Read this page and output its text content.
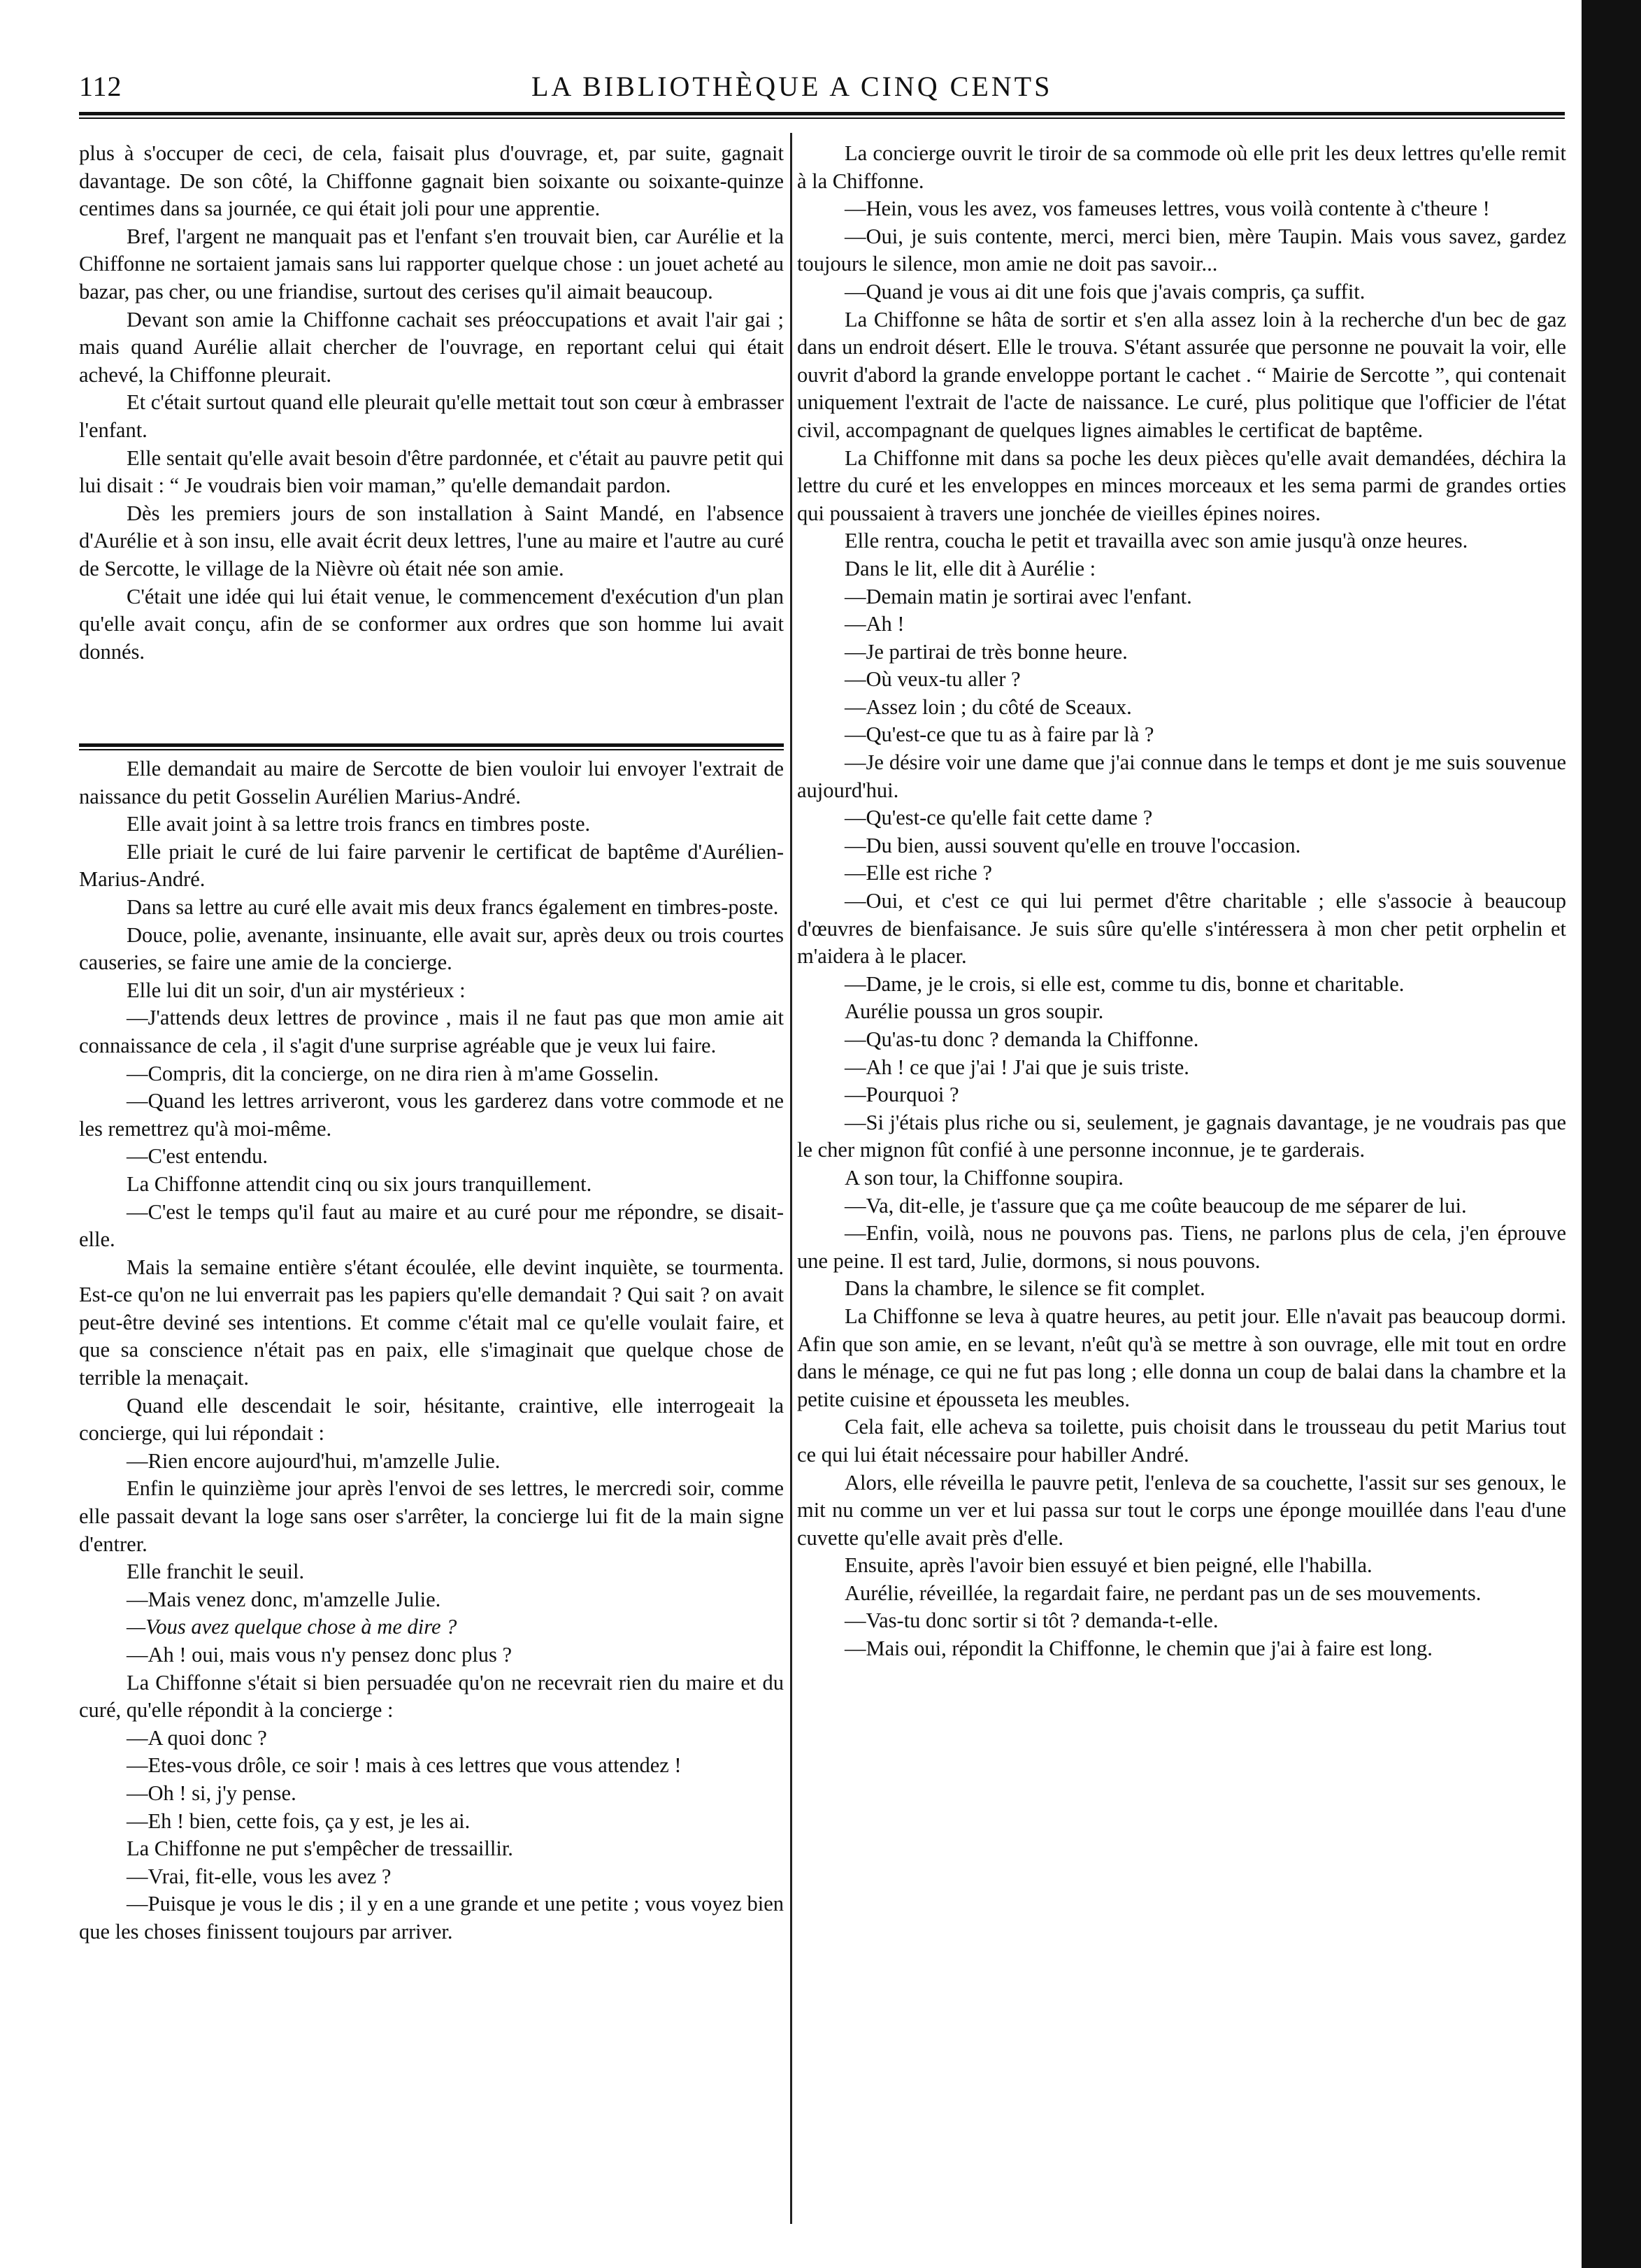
112	LA BIBLIOTHÈQUE A CINQ CENTS

plus à s'occuper de ceci, de cela, faisait plus d'ouvrage, et, par suite, gagnait davantage. De son côté, la Chiffonne gagnait bien soixante ou soixante-quinze centimes dans sa journée, ce qui était joli pour une apprentie.

Bref, l'argent ne manquait pas et l'enfant s'en trouvait bien, car Aurélie et la Chiffonne ne sortaient jamais sans lui rapporter quelque chose : un jouet acheté au bazar, pas cher, ou une friandise, surtout des cerises qu'il aimait beaucoup.

Devant son amie la Chiffonne cachait ses préoccupations et avait l'air gai ; mais quand Aurélie allait chercher de l'ouvrage, en reportant celui qui était achevé, la Chiffonne pleurait.

Et c'était surtout quand elle pleurait qu'elle mettait tout son cœur à embrasser l'enfant.

Elle sentait qu'elle avait besoin d'être pardonnée, et c'était au pauvre petit qui lui disait : “ Je voudrais bien voir maman,” qu'elle demandait pardon.

Dès les premiers jours de son installation à Saint Mandé, en l'absence d'Aurélie et à son insu, elle avait écrit deux lettres, l'une au maire et l'autre au curé de Sercotte, le village de la Nièvre où était née son amie.

C'était une idée qui lui était venue, le commencement d'exécution d'un plan qu'elle avait conçu, afin de se conformer aux ordres que son homme lui avait donnés.

Elle demandait au maire de Sercotte de bien vouloir lui envoyer l'extrait de naissance du petit Gosselin Aurélien Marius-André.

Elle avait joint à sa lettre trois francs en timbres poste.

Elle priait le curé de lui faire parvenir le certificat de baptême d'Aurélien-Marius-André.

Dans sa lettre au curé elle avait mis deux francs également en timbres-poste.

Douce, polie, avenante, insinuante, elle avait sur, après deux ou trois courtes causeries, se faire une amie de la concierge.

Elle lui dit un soir, d'un air mystérieux :

—J'attends deux lettres de province , mais il ne faut pas que mon amie ait connaissance de cela , il s'agit d'une surprise agréable que je veux lui faire.

—Compris, dit la concierge, on ne dira rien à m'ame Gosselin.

—Quand les lettres arriveront, vous les garderez dans votre commode et ne les remettrez qu'à moi-même.

—C'est entendu.

La Chiffonne attendit cinq ou six jours tranquillement.

—C'est le temps qu'il faut au maire et au curé pour me répondre, se disait-elle.

Mais la semaine entière s'étant écoulée, elle devint inquiète, se tourmenta. Est-ce qu'on ne lui enverrait pas les papiers qu'elle demandait ? Qui sait ? on avait peut-être deviné ses intentions. Et comme c'était mal ce qu'elle voulait faire, et que sa conscience n'était pas en paix, elle s'imaginait que quelque chose de terrible la menaçait.

Quand elle descendait le soir, hésitante, craintive, elle interrogeait la concierge, qui lui répondait :

—Rien encore aujourd'hui, m'amzelle Julie.

Enfin le quinzième jour après l'envoi de ses lettres, le mercredi soir, comme elle passait devant la loge sans oser s'arrêter, la concierge lui fit de la main signe d'entrer.

Elle franchit le seuil.

—Mais venez donc, m'amzelle Julie.

—Vous avez quelque chose à me dire ?

—Ah ! oui, mais vous n'y pensez donc plus ?

La Chiffonne s'était si bien persuadée qu'on ne recevrait rien du maire et du curé, qu'elle répondit à la concierge :

—A quoi donc ?

—Etes-vous drôle, ce soir ! mais à ces lettres que vous attendez !

—Oh ! si, j'y pense.

—Eh ! bien, cette fois, ça y est, je les ai.

La Chiffonne ne put s'empêcher de tressaillir.

—Vrai, fit-elle, vous les avez ?

—Puisque je vous le dis ; il y en a une grande et une petite ; vous voyez bien que les choses finissent toujours par arriver.

La concierge ouvrit le tiroir de sa commode où elle prit les deux lettres qu'elle remit à la Chiffonne.

—Hein, vous les avez, vos fameuses lettres, vous voilà contente à c'theure !

—Oui, je suis contente, merci, merci bien, mère Taupin. Mais vous savez, gardez toujours le silence, mon amie ne doit pas savoir...

—Quand je vous ai dit une fois que j'avais compris, ça suffit.

La Chiffonne se hâta de sortir et s'en alla assez loin à la recherche d'un bec de gaz dans un endroit désert. Elle le trouva. S'étant assurée que personne ne pouvait la voir, elle ouvrit d'abord la grande enveloppe portant le cachet . “ Mairie de Sercotte ”, qui contenait uniquement l'extrait de l'acte de naissance. Le curé, plus politique que l'officier de l'état civil, accompagnant de quelques lignes aimables le certificat de baptême.

La Chiffonne mit dans sa poche les deux pièces qu'elle avait demandées, déchira la lettre du curé et les enveloppes en minces morceaux et les sema parmi de grandes orties qui poussaient à travers une jonchée de vieilles épines noires.

Elle rentra, coucha le petit et travailla avec son amie jusqu'à onze heures.

Dans le lit, elle dit à Aurélie :

—Demain matin je sortirai avec l'enfant.

—Ah !

—Je partirai de très bonne heure.

—Où veux-tu aller ?

—Assez loin ; du côté de Sceaux.

—Qu'est-ce que tu as à faire par là ?

—Je désire voir une dame que j'ai connue dans le temps et dont je me suis souvenue aujourd'hui.

—Qu'est-ce qu'elle fait cette dame ?

—Du bien, aussi souvent qu'elle en trouve l'occasion.

—Elle est riche ?

—Oui, et c'est ce qui lui permet d'être charitable ; elle s'associe à beaucoup d'œuvres de bienfaisance. Je suis sûre qu'elle s'intéressera à mon cher petit orphelin et m'aidera à le placer.

—Dame, je le crois, si elle est, comme tu dis, bonne et charitable.

Aurélie poussa un gros soupir.

—Qu'as-tu donc ? demanda la Chiffonne.

—Ah ! ce que j'ai ! J'ai que je suis triste.

—Pourquoi ?

—Si j'étais plus riche ou si, seulement, je gagnais davantage, je ne voudrais pas que le cher mignon fût confié à une personne inconnue, je te garderais.

A son tour, la Chiffonne soupira.

—Va, dit-elle, je t'assure que ça me coûte beaucoup de me séparer de lui.

—Enfin, voilà, nous ne pouvons pas. Tiens, ne parlons plus de cela, j'en éprouve une peine. Il est tard, Julie, dormons, si nous pouvons.

Dans la chambre, le silence se fit complet.

La Chiffonne se leva à quatre heures, au petit jour. Elle n'avait pas beaucoup dormi. Afin que son amie, en se levant, n'eût qu'à se mettre à son ouvrage, elle mit tout en ordre dans le ménage, ce qui ne fut pas long ; elle donna un coup de balai dans la chambre et la petite cuisine et épousseta les meubles.

Cela fait, elle acheva sa toilette, puis choisit dans le trousseau du petit Marius tout ce qui lui était nécessaire pour habiller André.

Alors, elle réveilla le pauvre petit, l'enleva de sa couchette, l'assit sur ses genoux, le mit nu comme un ver et lui passa sur tout le corps une éponge mouillée dans l'eau d'une cuvette qu'elle avait près d'elle.

Ensuite, après l'avoir bien essuyé et bien peigné, elle l'habilla.

Aurélie, réveillée, la regardait faire, ne perdant pas un de ses mouvements.

—Vas-tu donc sortir si tôt ? demanda-t-elle.

—Mais oui, répondit la Chiffonne, le chemin que j'ai à faire est long.
